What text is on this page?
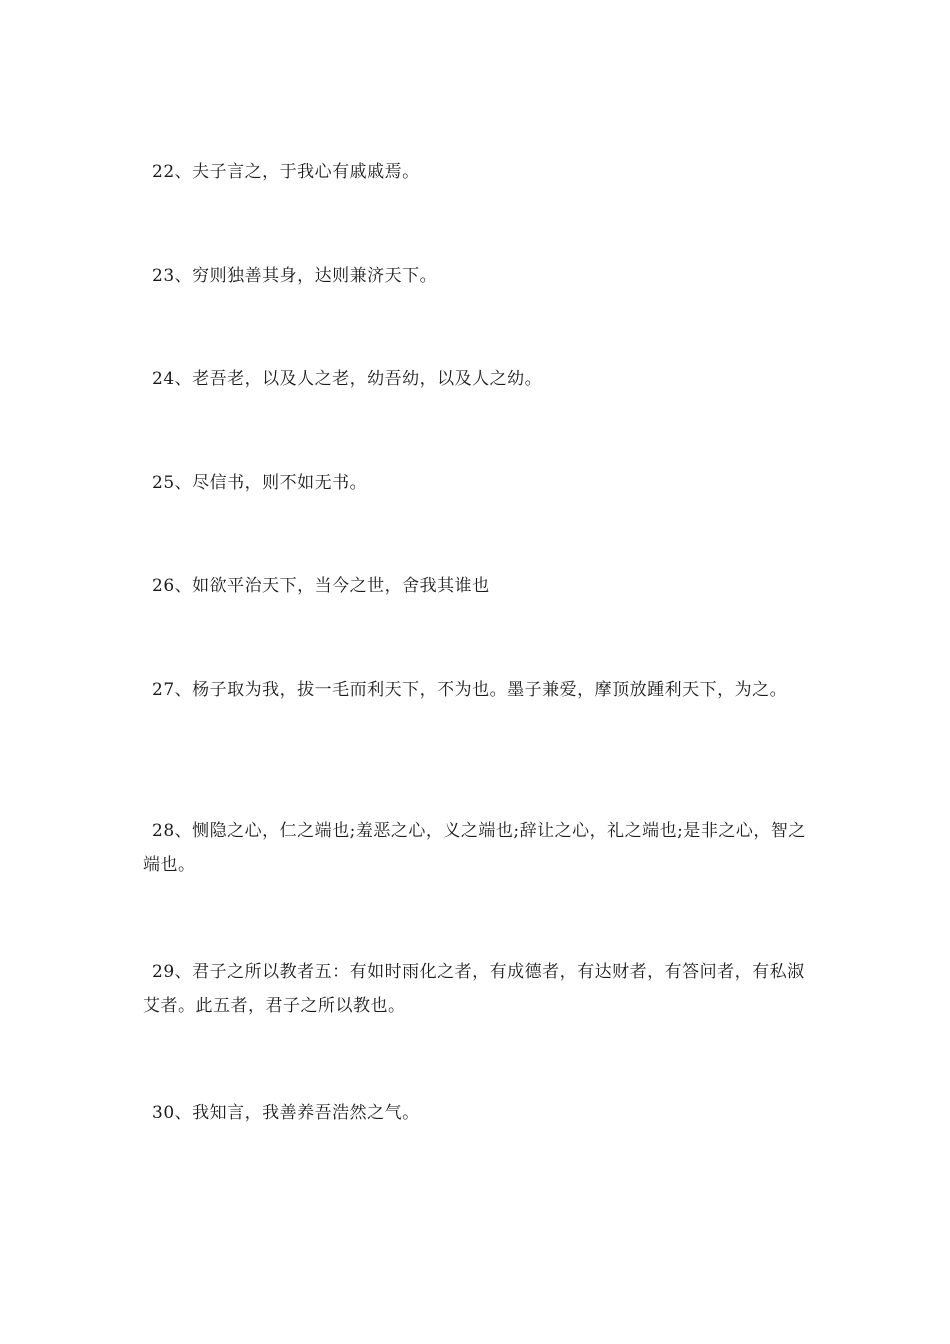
22、夫子言之，于我心有戚戚焉。

23、穷则独善其身，达则兼济天下。

24、老吾老，以及人之老，幼吾幼，以及人之幼。

25、尽信书，则不如无书。

26、如欲平治天下，当今之世，舍我其谁也

27、杨子取为我，拔一毛而利天下，不为也。墨子兼爱，摩顶放踵利天下，为之。

28、恻隐之心，仁之端也;羞恶之心，义之端也;辞让之心，礼之端也;是非之心，智之端也。

29、君子之所以教者五：有如时雨化之者，有成德者，有达财者，有答问者，有私淑艾者。此五者，君子之所以教也。

30、我知言，我善养吾浩然之气。
